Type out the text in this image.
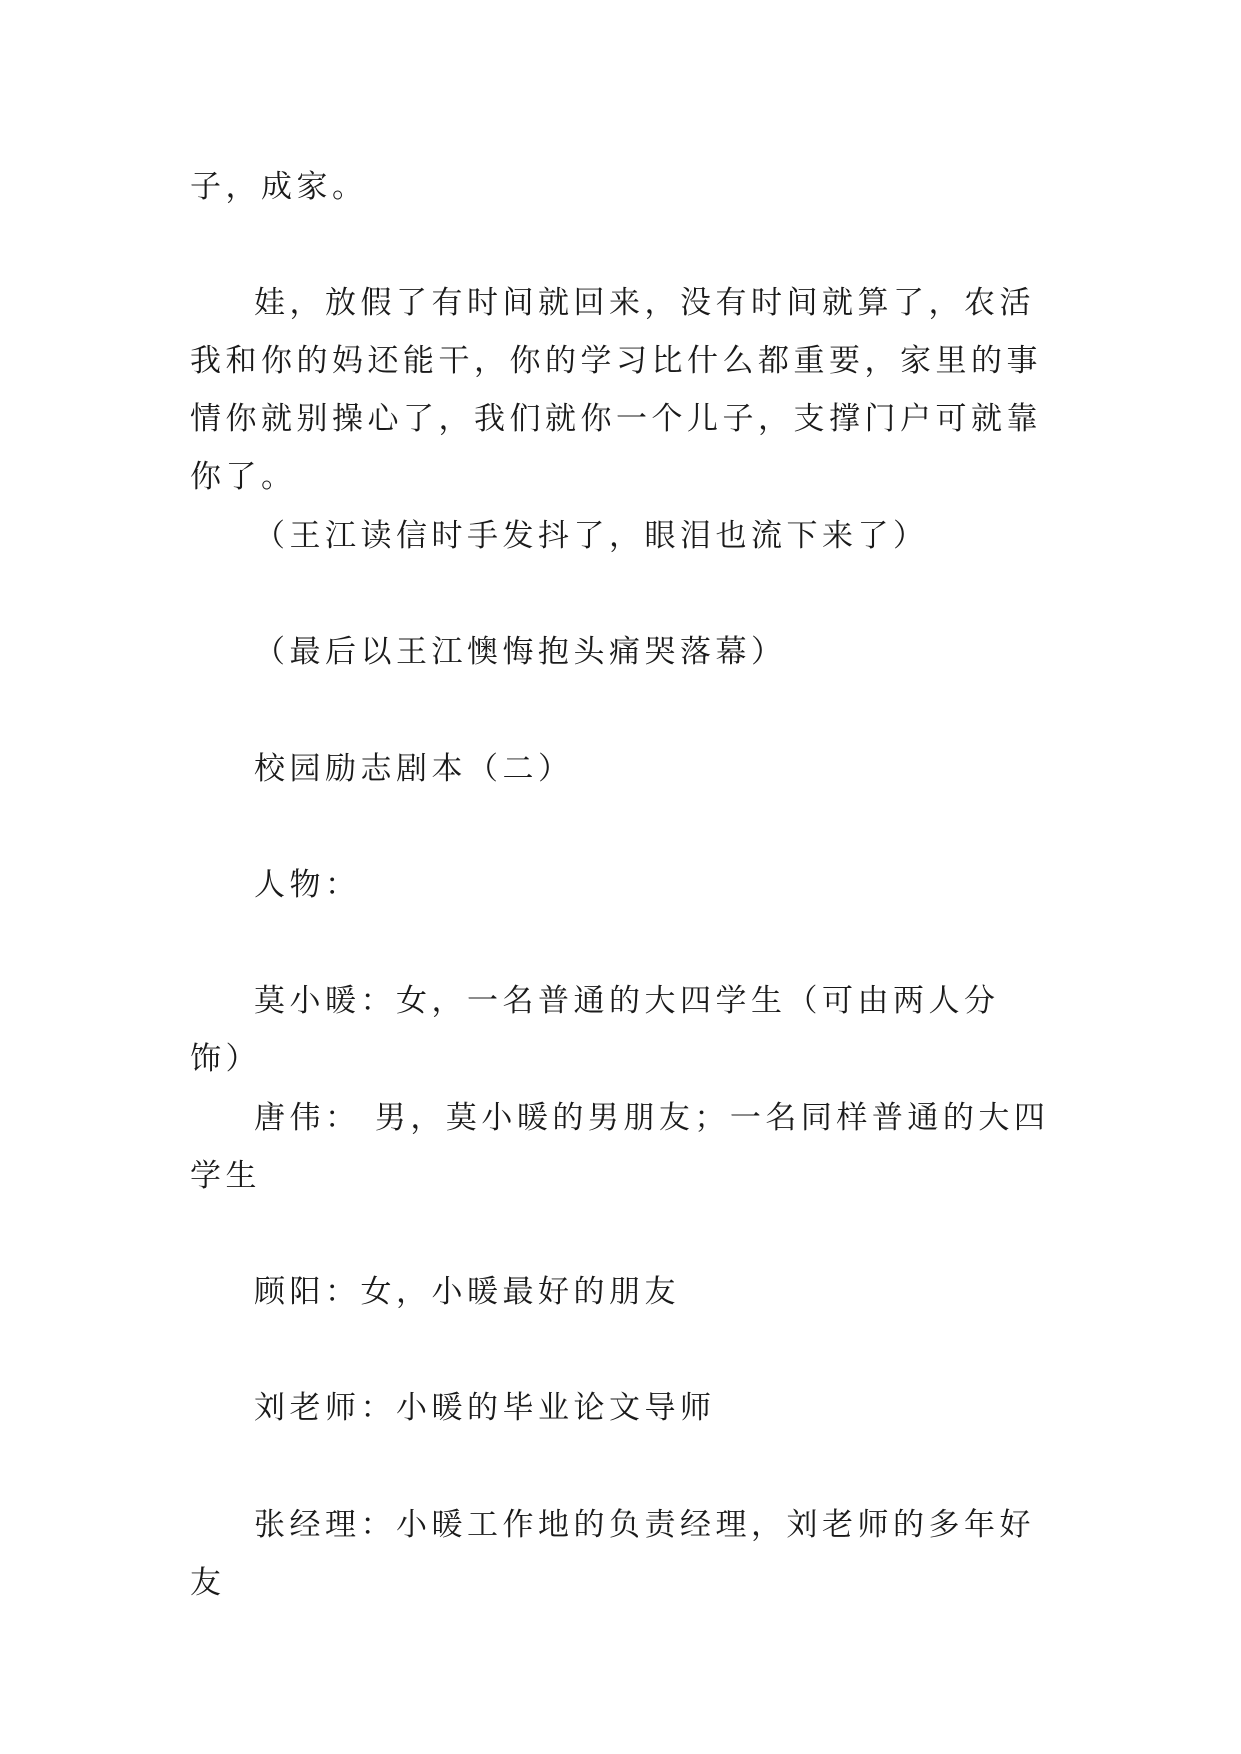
子，成家。

娃，放假了有时间就回来，没有时间就算了，农活我和你的妈还能干，你的学习比什么都重要，家里的事情你就别操心了，我们就你一个儿子，支撑门户可就靠你了。

（王江读信时手发抖了，眼泪也流下来了）

（最后以王江懊悔抱头痛哭落幕）

校园励志剧本（二）

人物：

莫小暖：女，一名普通的大四学生（可由两人分饰）

唐伟： 男，莫小暖的男朋友；一名同样普通的大四学生

顾阳：女，小暖最好的朋友

刘老师：小暖的毕业论文导师

张经理：小暖工作地的负责经理，刘老师的多年好友
